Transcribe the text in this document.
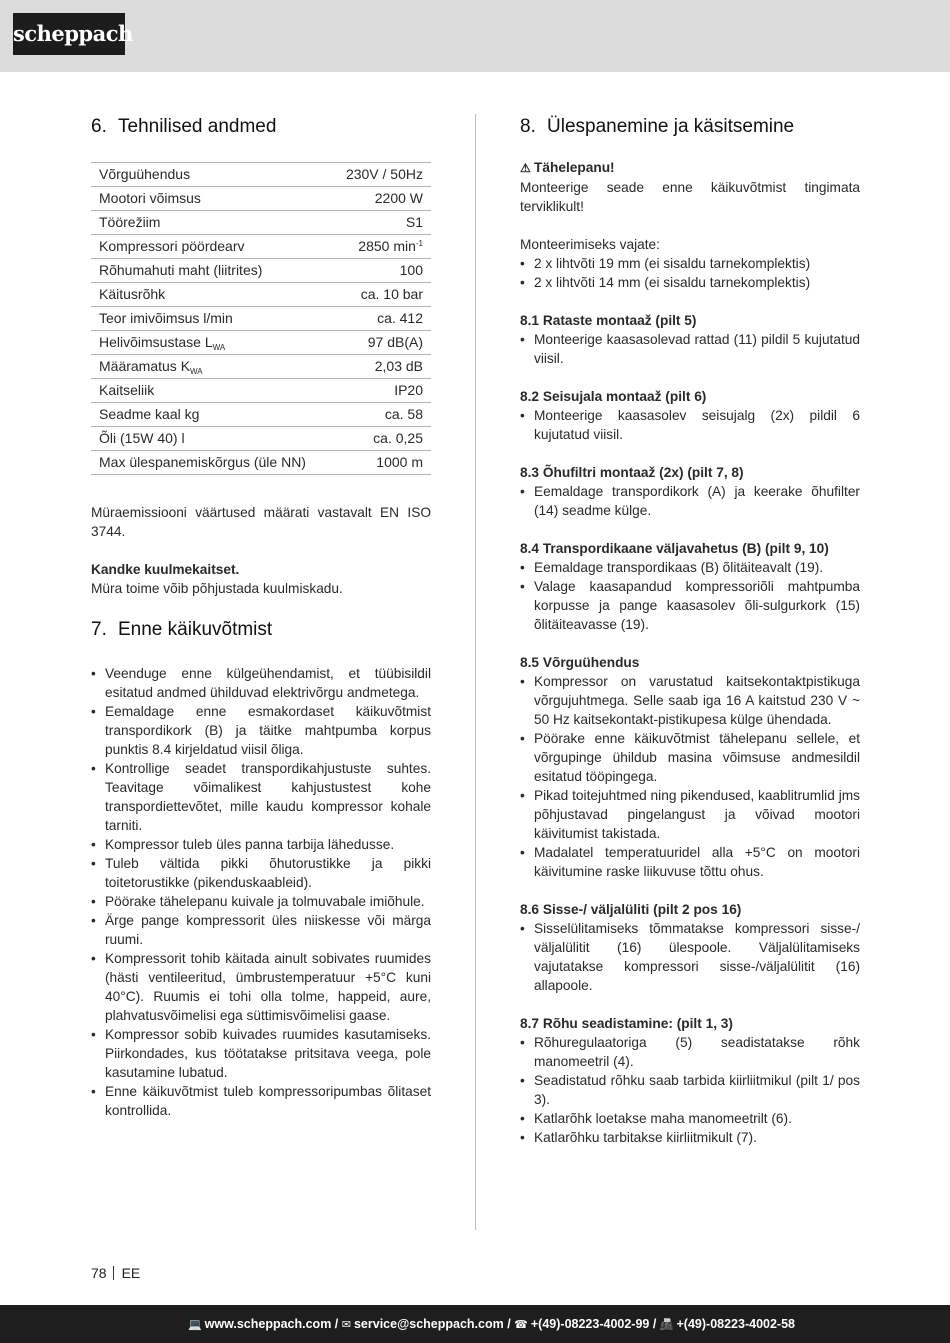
scheppach
6. Tehnilised andmed
Võrguühendus	230V / 50Hz
Mootori võimsus	2200 W
Töörežiim	S1
Kompressori pöördearv	2850 $\min^{-1}$
Rõhumahuti maht (liitrites)	100
Käitusrõhk	ca. 10 bar
Teor imivõimsus l/min	ca. 412
Helivõimsustase $L_{WA}$	97 dB(A)
Määramatus $K_{WA}$	2,03 dB
Kaitseliik	IP20
Seadme kaal kg	ca. 58
Õli (15W 40) l	ca. 0,25
Max ülespanemiskõrgus (üle NN)	1000 m

Müraemissiooni väärtused määrati vastavalt EN ISO 3744.

Kandke kuulmekaitset.

Müra toime võib põhjustada kuulmiskadu.

7. Enne käikuvõtmist
• Veenduge enne külgeühendamist, et tüübisildil esitatud andmed ühilduvad elektrivõrgu andmetega.
• Eemaldage enne esmakordaset käikuvõtmist transpordikork (B) ja täitke mahtpumba korpus punktis 8.4 kirjeldatud viisil õliga.
• Kontrollige seadet transpordikahjustuste suhtes. Teavitage võimalikest kahjustustest kohe transpordiettevõtet, mille kaudu kompressor kohale tarniti.
• Kompressor tuleb üles panna tarbija lähedusse.
• Tuleb vältida pikki õhutorustikke ja pikki toitetorustikke (pikenduskaableid).
• Pöörake tähelepanu kuivale ja tolmuvabale imiõhule.
• Ärge pange kompressorit üles niiskesse või märga ruumi.
• Kompressorit tohib käitada ainult sobivates ruumides (hästi ventileeritud, ümbrustemperatuur +5°C kuni 40°C). Ruumis ei tohi olla tolme, happeid, aure, plahvatusvõimelisi ega süttimisvõimelisi gaase.
• Kompressor sobib kuivades ruumides kasutamiseks. Piirkondades, kus töötatakse pritsitava veega, pole kasutamine lubatud.
• Enne käikuvõtmist tuleb kompressoripumbas õlitaset kontrollida.
8. Ülespanemine ja käsitsemine

⚠ Tähelepanu!

Monteerige seade enne käikuvõtmist tingimata terviklikult!

Monteerimiseks vajate:

• 2 x lihtvõti 19 mm (ei sisaldu tarnekomplektis)
• 2 x lihtvõti 14 mm (ei sisaldu tarnekomplektis)

8.1 Rataste montaaž (pilt 5)

• Monteerige kaasasolevad rattad (11) pildil 5 kujutatud viisil.

8.2 Seisujala montaaž (pilt 6)

• Monteerige kaasasolev seisujalg (2x) pildil 6 kujutatud viisil.

8.3 Õhufiltri montaaž (2x) (pilt 7, 8)

• Eemaldage transpordikork (A) ja keerake õhufilter (14) seadme külge.

8.4 Transpordikaane väljavahetus (B) (pilt 9, 10)

• Eemaldage transpordikaas (B) õlitäiteavalt (19).
• Valage kaasapandud kompressoriõli mahtpumba korpusse ja pange kaasasolev õli-sulgurkork (15) õlitäiteavasse (19).

8.5 Võrguühendus

• Kompressor on varustatud kaitsekontaktpistikuga võrgujuhtmega. Selle saab iga 16 A kaitstud 230 V ~ 50 Hz kaitsekontakt-pistikupesa külge ühendada.
• Pöörake enne käikuvõtmist tähelepanu sellele, et võrgupinge ühildub masina võimsuse andmesildil esitatud tööpingega.
• Pikad toitejuhtmed ning pikendused, kaablitrumlid jms põhjustavad pingelangust ja võivad mootori käivitumist takistada.
• Madalatel temperatuuridel alla +5°C on mootori käivitumine raske liikuvuse tõttu ohus.

8.6 Sisse-/ väljalüliti (pilt 2 pos 16)

• Sisselülitamiseks tõmmatakse kompressori sisse-/ väljalülitit (16) ülespoole. Väljalülitamiseks vajutatakse kompressori sisse-/väljalülitit (16) allapoole.

8.7 Rõhu seadistamine: (pilt 1, 3)

• Rõhuregulaatoriga (5) seadistatakse rõhk manomeetril (4).
• Seadistatud rõhku saab tarbida kiirliitmikul (pilt 1/ pos 3).
• Katlarõhk loetakse maha manomeetrilt (6).
• Katlarõhku tarbitakse kiirliitmikult (7).
78 EE
💻 www.scheppach.com / ✉ service@scheppach.com / ☎ +(49)-08223-4002-99 / 📠 +(49)-08223-4002-58
